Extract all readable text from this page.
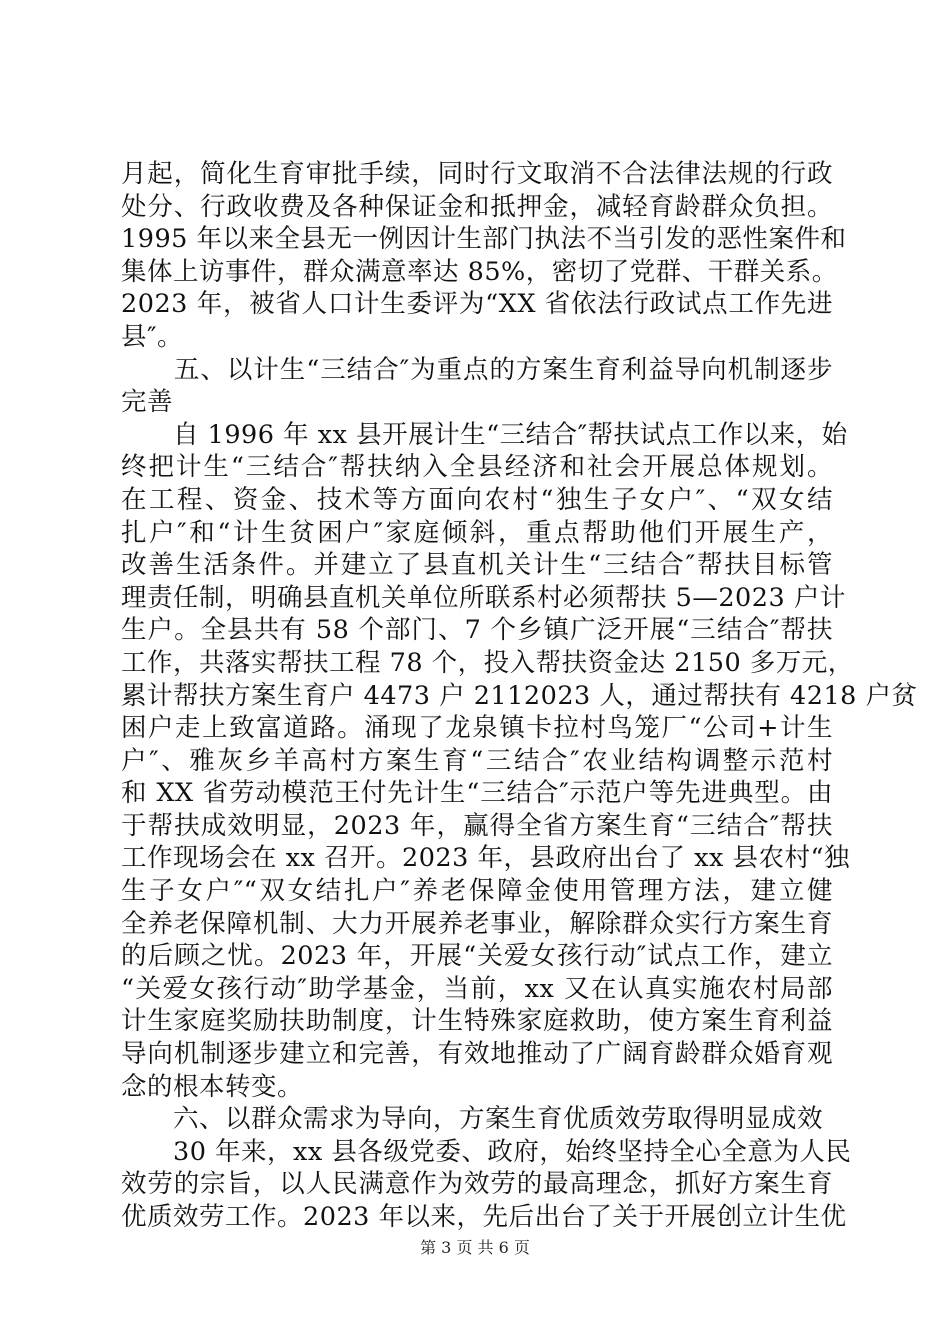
月起，简化生育审批手续，同时行文取消不合法律法规的行政
处分、行政收费及各种保证金和抵押金，减轻育龄群众负担。
1995 年以来全县无一例因计生部门执法不当引发的恶性案件和
集体上访事件，群众满意率达 85%，密切了党群、干群关系。
2023 年，被省人口计生委评为“XX 省依法行政试点工作先进
县″。
　　五、以计生“三结合″为重点的方案生育利益导向机制逐步
完善
　　自 1996 年 xx 县开展计生“三结合″帮扶试点工作以来，始
终把计生“三结合″帮扶纳入全县经济和社会开展总体规划。
在工程、资金、技术等方面向农村“独生子女户″、“双女结
扎户″和“计生贫困户″家庭倾斜，重点帮助他们开展生产，
改善生活条件。并建立了县直机关计生“三结合″帮扶目标管
理责任制，明确县直机关单位所联系村必须帮扶 5—2023 户计
生户。全县共有 58 个部门、7 个乡镇广泛开展“三结合″帮扶
工作，共落实帮扶工程 78 个，投入帮扶资金达 2150 多万元，
累计帮扶方案生育户 4473 户 2112023 人，通过帮扶有 4218 户贫
困户走上致富道路。涌现了龙泉镇卡拉村鸟笼厂“公司+计生
户″、雅灰乡羊高村方案生育“三结合″农业结构调整示范村
和 XX 省劳动模范王付先计生“三结合″示范户等先进典型。由
于帮扶成效明显，2023 年，赢得全省方案生育“三结合″帮扶
工作现场会在 xx 召开。2023 年，县政府出台了 xx 县农村“独
生子女户″“双女结扎户″养老保障金使用管理方法，建立健
全养老保障机制、大力开展养老事业，解除群众实行方案生育
的后顾之忧。2023 年，开展“关爱女孩行动″试点工作，建立
“关爱女孩行动″助学基金，当前，xx 又在认真实施农村局部
计生家庭奖励扶助制度，计生特殊家庭救助，使方案生育利益
导向机制逐步建立和完善，有效地推动了广阔育龄群众婚育观
念的根本转变。
　　六、以群众需求为导向，方案生育优质效劳取得明显成效
　　30 年来，xx 县各级党委、政府，始终坚持全心全意为人民
效劳的宗旨，以人民满意作为效劳的最高理念，抓好方案生育
优质效劳工作。2023 年以来，先后出台了关于开展创立计生优
第 3 页 共 6 页
